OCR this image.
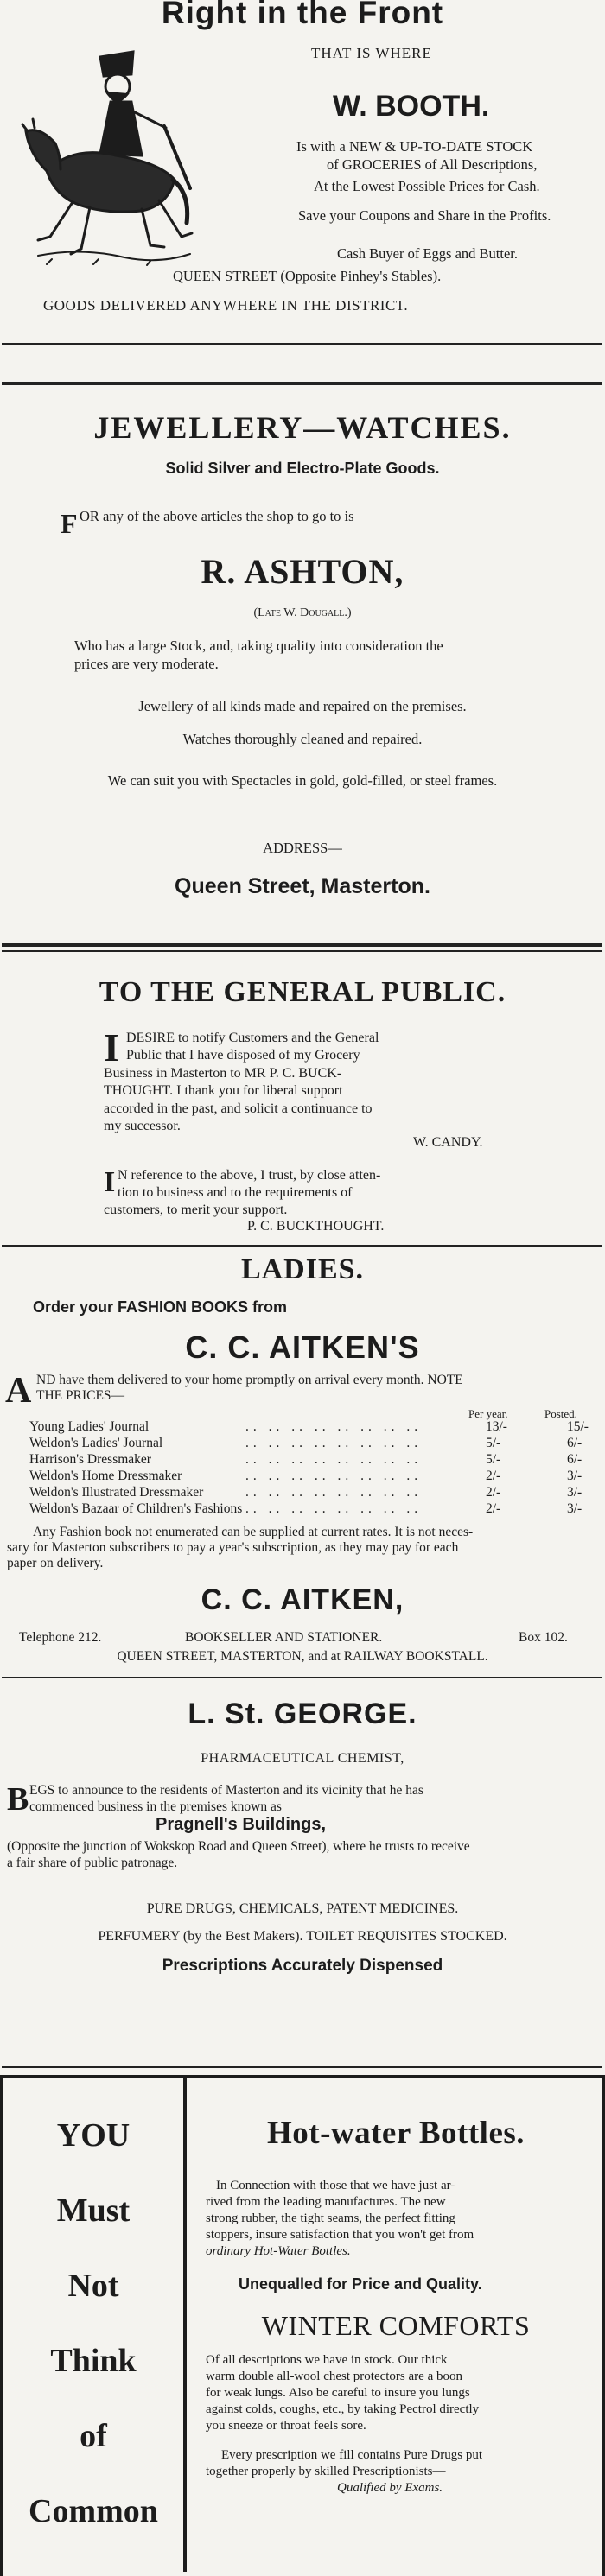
Right in the Front
THAT IS WHERE
W. BOOTH.
Is with a NEW & UP-TO-DATE STOCK
of GROCERIES of All Descriptions,
At the Lowest Possible Prices for Cash.
Save your Coupons and Share in the Profits.
Cash Buyer of Eggs and Butter.
QUEEN STREET (Opposite Pinhey's Stables).
GOODS DELIVERED ANYWHERE IN THE DISTRICT.
JEWELLERY—WATCHES.
Solid Silver and Electro-Plate Goods.
F OR any of the above articles the shop to go to is
R. ASHTON,
(Late W. Dougall.)
Who has a large Stock, and, taking quality into consideration the
prices are very moderate.
Jewellery of all kinds made and repaired on the premises.
Watches thoroughly cleaned and repaired.
We can suit you with Spectacles in gold, gold-filled, or steel frames.
ADDRESS—
Queen Street, Masterton.
TO THE GENERAL PUBLIC.
I DESIRE to notify Customers and the General
Public that I have disposed of my Grocery
Business in Masterton to MR P. C. BUCK-
THOUGHT. I thank you for liberal support
accorded in the past, and solicit a continuance to
my successor.
W. CANDY.
I N reference to the above, I trust, by close atten-
tion to business and to the requirements of
customers, to merit your support.
P. C. BUCKTHOUGHT.
LADIES.
Order your FASHION BOOKS from
C. C. AITKEN'S
A ND have them delivered to your home promptly on arrival every month. NOTE
THE PRICES—
Per year.	Posted.
Young Ladies' Journal	.. .. .. .. .. .. .. ..	13/-	15/-
Weldon's Ladies' Journal	.. .. .. .. .. .. .. ..	5/-	6/-
Harrison's Dressmaker	.. .. .. .. .. .. .. ..	5/-	6/-
Weldon's Home Dressmaker	.. .. .. .. .. .. .. ..	2/-	3/-
Weldon's Illustrated Dressmaker	.. .. .. .. .. .. .. ..	2/-	3/-
Weldon's Bazaar of Children's Fashions .. .. .. .. .. .. .. ..	2/-	3/-
Any Fashion book not enumerated can be supplied at current rates. It is not neces-
sary for Masterton subscribers to pay a year's subscription, as they may pay for each
paper on delivery.
C. C. AITKEN,
Telephone 212.	BOOKSELLER AND STATIONER.	Box 102.
QUEEN STREET, MASTERTON, and at RAILWAY BOOKSTALL.
L. St. GEORGE.
PHARMACEUTICAL CHEMIST,
B EGS to announce to the residents of Masterton and its vicinity that he has
commenced business in the premises known as
Pragnell's Buildings,
(Opposite the junction of Wokskop Road and Queen Street), where he trusts to receive
a fair share of public patronage.
PURE DRUGS, CHEMICALS, PATENT MEDICINES.
PERFUMERY (by the Best Makers). TOILET REQUISITES STOCKED.
Prescriptions Accurately Dispensed
YOU
Must
Not
Think
of
Common
Hot-water Bottles.
In Connection with those that we have just ar-
rived from the leading manufactures. The new
strong rubber, the tight seams, the perfect fitting
stoppers, insure satisfaction that you won't get from
ordinary Hot-Water Bottles.
Unequalled for Price and Quality.
WINTER COMFORTS
Of all descriptions we have in stock. Our thick
warm double all-wool chest protectors are a boon
for weak lungs. Also be careful to insure you lungs
against colds, coughs, etc., by taking Pectrol directly
you sneeze or throat feels sore.
Every prescription we fill contains Pure Drugs put
together properly by skilled Prescriptionists—
Qualified by Exams.
